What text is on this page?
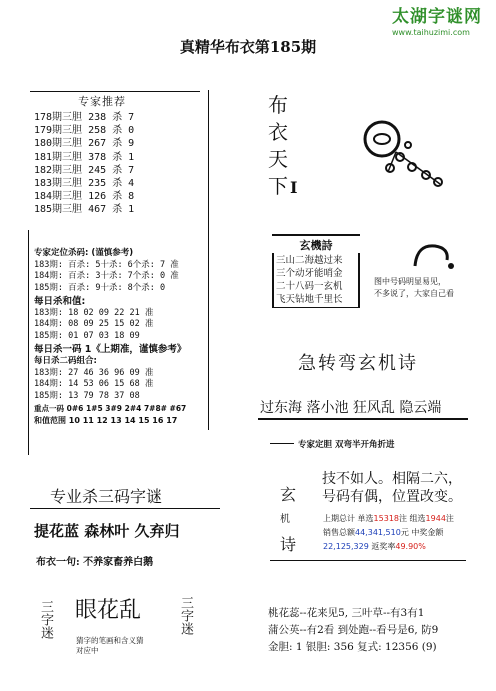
太湖字谜网
www.taihuzimi.com
真精华布衣第185期
专家推荐
178期三胆 238 杀 7
179期三胆 258 杀 0
180期三胆 267 杀 9
181期三胆 378 杀 1
182期三胆 245 杀 7
183期三胆 235 杀 4
184期三胆 126 杀 8
185期三胆 467 杀 1
专家定位杀码: (谨慎参考)
183期: 百杀: 5十杀: 6个杀: 7 准
184期: 百杀: 3十杀: 7个杀: 0 准
185期: 百杀: 9十杀: 8个杀: 0
每日杀和值:
183期: 18 02 09 22 21 准
184期: 08 09 25 15 02 准
185期: 01 07 03 18 09
每日杀一码 1《上期准，谨慎参考》
每日杀二码组合:
183期: 27 46 36 96 09 准
184期: 14 53 06 15 68 准
185期: 13 79 78 37 08
重点一码 0#6 1#5 3#9 2#4 7#8# #67
和值范围 10 11 12 13 14 15 16 17
布
衣
天
下 I
玄機詩
三山二海越过来
三个动牙能哨金
二十八码一玄机
飞天钻地千里长
图中号码明显易见，
不多说了，大家自己看
急转弯玄机诗
过东海 落小池 狂风乱 隐云端
专业杀三码字谜
提花蓝 森林叶 久弃归
布衣一句: 不养家畜养白鹅
三字迷 眼花乱	三字迷
猜字的笔画和含义猜
对应中
专家定胆 双弯半开角折进
玄
机
诗
技不如人。相隔二六，
号码有偶，位置改变。
上期总计 单选15318注 组选1944注
销售总额44,341,510元 中奖金额
22,125,329 返奖率49.90%
桃花蕊--花来见5, 三叶草--有3有1
蒲公英--有2看 到处跑--看号是6, 防9
金胆: 1 银胆: 356 复式: 12356 (9)
